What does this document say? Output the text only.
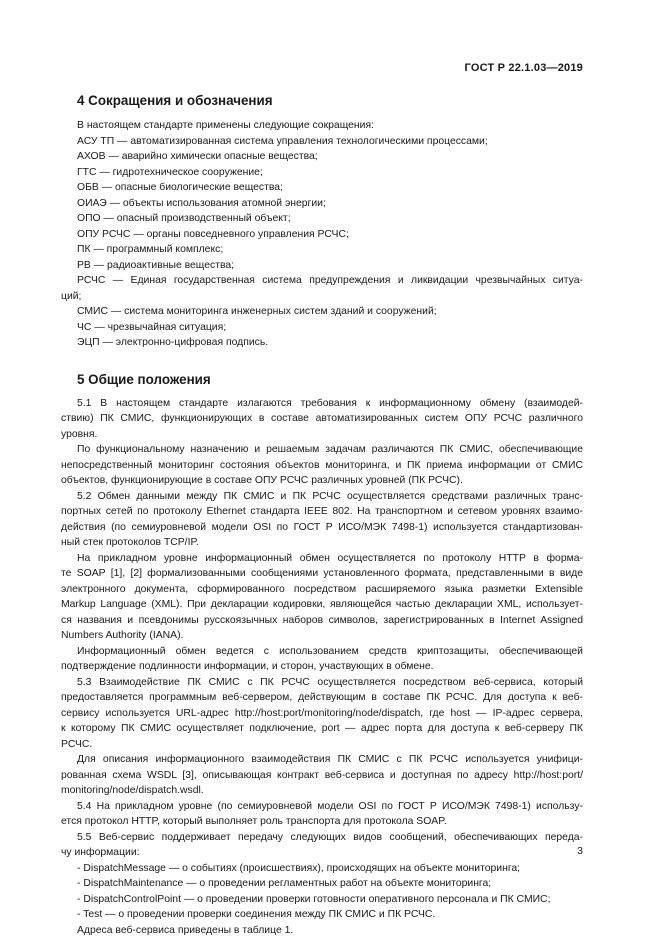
ГОСТ Р 22.1.03—2019
4 Сокращения и обозначения
В настоящем стандарте применены следующие сокращения:
АСУ ТП — автоматизированная система управления технологическими процессами;
АХОВ — аварийно химически опасные вещества;
ГТС — гидротехническое сооружение;
ОБВ — опасные биологические вещества;
ОИАЭ — объекты использования атомной энергии;
ОПО — опасный производственный объект;
ОПУ РСЧС — органы повседневного управления РСЧС;
ПК — программный комплекс;
РВ — радиоактивные вещества;
РСЧС — Единая государственная система предупреждения и ликвидации чрезвычайных ситуа-
ций;
СМИС — система мониторинга инженерных систем зданий и сооружений;
ЧС — чрезвычайная ситуация;
ЭЦП — электронно-цифровая подпись.
5 Общие положения
5.1 В настоящем стандарте излагаются требования к информационному обмену (взаимодей-
ствию) ПК СМИС, функционирующих в составе автоматизированных систем ОПУ РСЧС различного
уровня.
По функциональному назначению и решаемым задачам различаются ПК СМИС, обеспечивающие
непосредственный мониторинг состояния объектов мониторинга, и ПК приема информации от СМИС
объектов, функционирующие в составе ОПУ РСЧС различных уровней (ПК РСЧС).
5.2 Обмен данными между ПК СМИС и ПК РСЧС осуществляется средствами различных транс-
портных сетей по протоколу Ethernet стандарта IEEE 802. На транспортном и сетевом уровнях взаимо-
действия (по семиуровневой модели OSI по ГОСТ Р ИСО/МЭК 7498-1) используется стандартизован-
ный стек протоколов TCP/IP.
На прикладном уровне информационный обмен осуществляется по протоколу HTTP в форма-
те SOAP [1], [2] формализованными сообщениями установленного формата, представленными в виде
электронного документа, сформированного посредством расширяемого языка разметки Extensible
Markup Language (XML). При декларации кодировки, являющейся частью декларации XML, использует-
ся названия и псевдонимы русскоязычных наборов символов, зарегистрированных в Internet Assigned
Numbers Authority (IANA).
Информационный обмен ведется с использованием средств криптозащиты, обеспечивающей
подтверждение подлинности информации, и сторон, участвующих в обмене.
5.3 Взаимодействие ПК СМИС с ПК РСЧС осуществляется посредством веб-сервиса, который
предоставляется программным веб-сервером, действующим в составе ПК РСЧС. Для доступа к веб-
сервису используется URL-адрес http://host:port/monitoring/node/dispatch, где host — IP-адрес сервера,
к которому ПК СМИС осуществляет подключение, port — адрес порта для доступа к веб-серверу ПК
РСЧС.
Для описания информационного взаимодействия ПК СМИС с ПК РСЧС используется унифици-
рованная схема WSDL [3], описывающая контракт веб-сервиса и доступная по адресу http://host:port/
monitoring/node/dispatch.wsdl.
5.4 На прикладном уровне (по семиуровневой модели OSI по ГОСТ Р ИСО/МЭК 7498-1) использу-
ется протокол HTTP, который выполняет роль транспорта для протокола SOAP.
5.5 Веб-сервис поддерживает передачу следующих видов сообщений, обеспечивающих переда-
чу информации:
- DispatchMessage — о событиях (происшествиях), происходящих на объекте мониторинга;
- DispatchMaintenance — о проведении регламентных работ на объекте мониторинга;
- DispatchControlPoint — о проведении проверки готовности оперативного персонала и ПК СМИС;
- Test — о проведении проверки соединения между ПК СМИС и ПК РСЧС.
Адреса веб-сервиса приведены в таблице 1.
3
